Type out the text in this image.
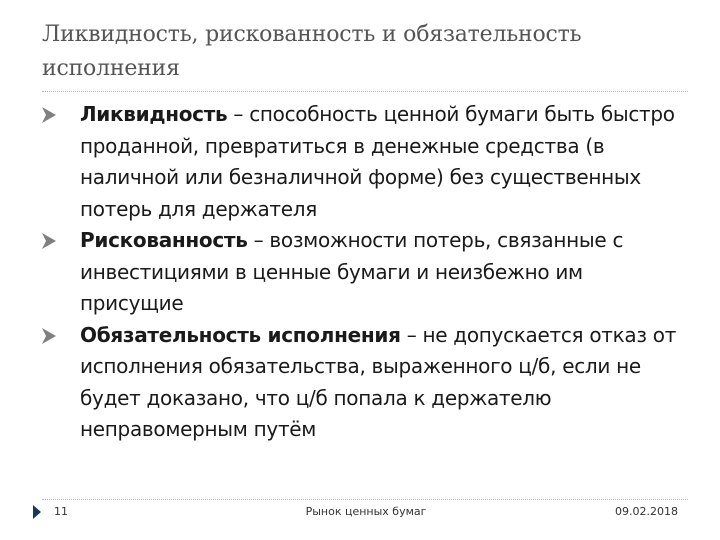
Ликвидность, рискованность и обязательность исполнения
Ликвидность – способность ценной бумаги быть быстро проданной, превратиться в денежные средства (в наличной или безналичной форме) без существенных потерь для держателя
Рискованность – возможности потерь, связанные с инвестициями в ценные бумаги и неизбежно им присущие
Обязательность исполнения – не допускается отказ от исполнения обязательства, выраженного ц/б, если не будет доказано, что ц/б попала к держателю неправомерным путём
11	Рынок ценных бумаг	09.02.2018
